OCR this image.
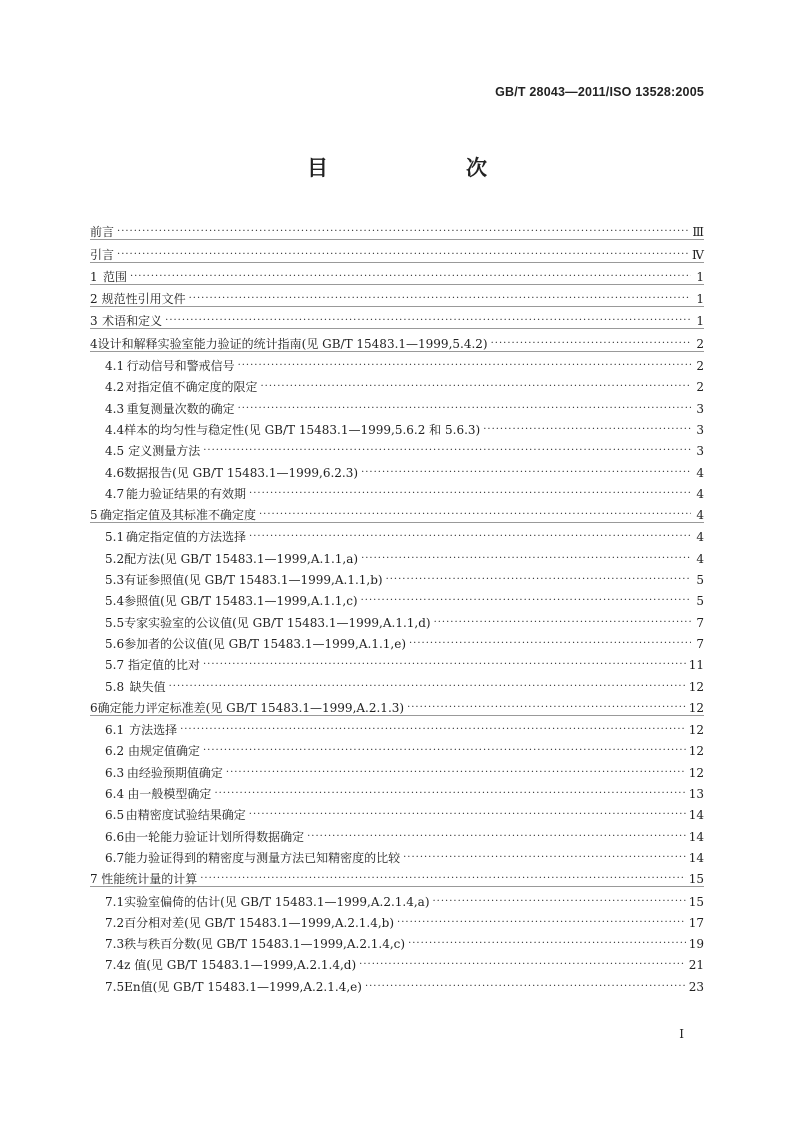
GB/T 28043—2011/ISO 13528:2005
目　　次
前言 ·····	Ⅲ
引言 ·····	Ⅳ
1 范围 ·····	1
2 规范性引用文件 ·····	1
3 术语和定义 ·····	1
4 设计和解释实验室能力验证的统计指南(见 GB/T 15483.1—1999,5.4.2) ·····	2
4.1 行动信号和警戒信号 ·····	2
4.2 对指定值不确定度的限定 ·····	2
4.3 重复测量次数的确定 ·····	3
4.4 样本的均匀性与稳定性(见 GB/T 15483.1—1999,5.6.2 和 5.6.3) ·····	3
4.5 定义测量方法 ·····	3
4.6 数据报告(见 GB/T 15483.1—1999,6.2.3) ·····	4
4.7 能力验证结果的有效期 ·····	4
5 确定指定值及其标准不确定度 ·····	4
5.1 确定指定值的方法选择 ·····	4
5.2 配方法(见 GB/T 15483.1—1999,A.1.1,a) ·····	4
5.3 有证参照值(见 GB/T 15483.1—1999,A.1.1,b) ·····	5
5.4 参照值(见 GB/T 15483.1—1999,A.1.1,c) ·····	5
5.5 专家实验室的公议值(见 GB/T 15483.1—1999,A.1.1,d) ·····	7
5.6 参加者的公议值(见 GB/T 15483.1—1999,A.1.1,e) ·····	7
5.7 指定值的比对 ·····	11
5.8 缺失值 ·····	12
6 确定能力评定标准差(见 GB/T 15483.1—1999,A.2.1.3) ·····	12
6.1 方法选择 ·····	12
6.2 由规定值确定 ·····	12
6.3 由经验预期值确定 ·····	12
6.4 由一般模型确定 ·····	13
6.5 由精密度试验结果确定 ·····	14
6.6 由一轮能力验证计划所得数据确定 ·····	14
6.7 能力验证得到的精密度与测量方法已知精密度的比较 ·····	14
7 性能统计量的计算 ·····	15
7.1 实验室偏倚的估计(见 GB/T 15483.1—1999,A.2.1.4,a) ·····	15
7.2 百分相对差(见 GB/T 15483.1—1999,A.2.1.4,b) ·····	17
7.3 秩与秩百分数(见 GB/T 15483.1—1999,A.2.1.4,c) ·····	19
7.4 z 值(见 GB/T 15483.1—1999,A.2.1.4,d) ·····	21
7.5 En值(见 GB/T 15483.1—1999,A.2.1.4,e) ·····	23
I
